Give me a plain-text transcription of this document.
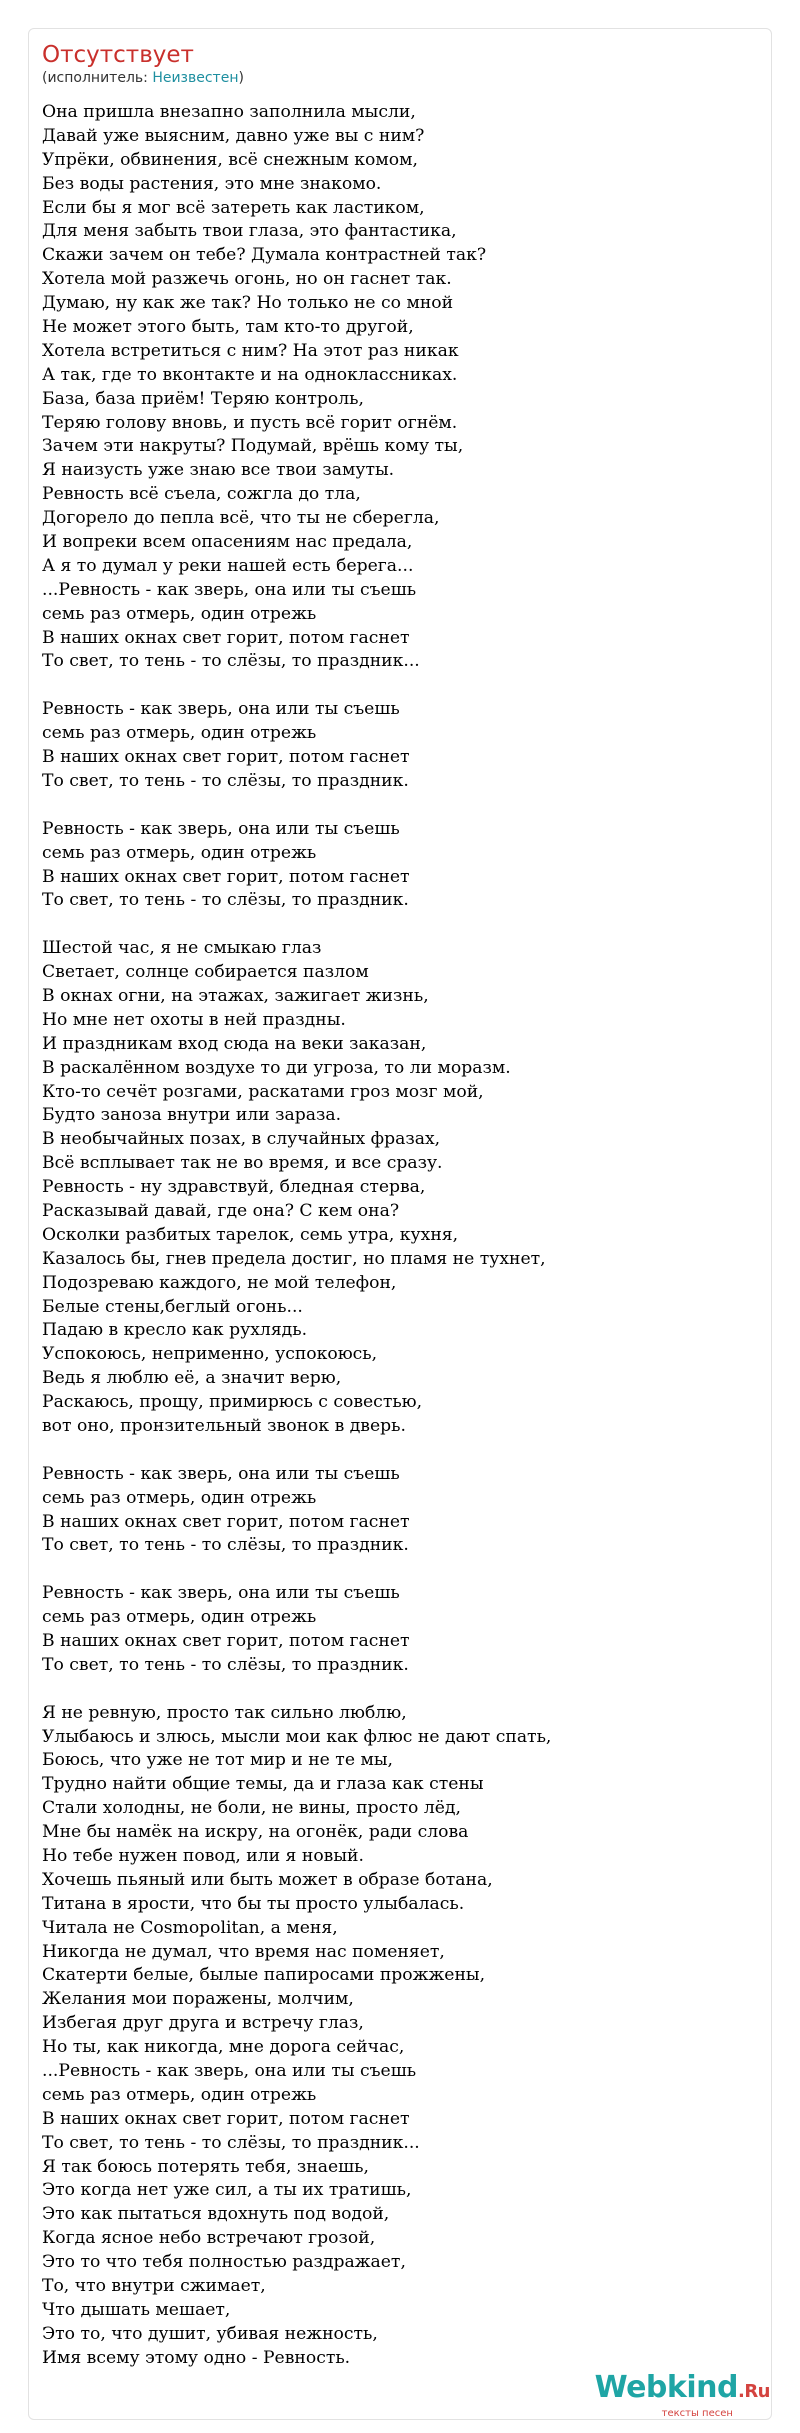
Отсутствует
(исполнитель: Неизвестен)
Она пришла внезапно заполнила мысли,
Давай уже выясним, давно уже вы с ним?
Упрёки, обвинения, всё снежным комом,
Без воды растения, это мне знакомо.
Если бы я мог всё затереть как ластиком,
Для меня забыть твои глаза, это фантастика,
Скажи зачем он тебе? Думала контрастней так?
Хотела мой разжечь огонь, но он гаснет так.
Думаю, ну как же так? Но только не со мной
Не может этого быть, там кто-то другой,
Хотела встретиться с ним? На этот раз никак
А так, где то вконтакте и на одноклассниках.
База, база приём! Теряю контроль,
Теряю голову вновь, и пусть всё горит огнём.
Зачем эти накруты? Подумай, врёшь кому ты,
Я наизусть уже знаю все твои замуты.
Ревность всё съела, сожгла до тла,
Догорело до пепла всё, что ты не сберегла,
И вопреки всем опасениям нас предала,
А я то думал у реки нашей есть берега...
...Ревность - как зверь, она или ты съешь
семь раз отмерь, один отрежь
В наших окнах свет горит, потом гаснет
То свет, то тень - то слёзы, то праздник...
Ревность - как зверь, она или ты съешь
семь раз отмерь, один отрежь
В наших окнах свет горит, потом гаснет
То свет, то тень - то слёзы, то праздник.
Ревность - как зверь, она или ты съешь
семь раз отмерь, один отрежь
В наших окнах свет горит, потом гаснет
То свет, то тень - то слёзы, то праздник.
Шестой час, я не смыкаю глаз
Светает, солнце собирается пазлом
В окнах огни, на этажах, зажигает жизнь,
Но мне нет охоты в ней праздны.
И праздникам вход сюда на веки заказан,
В раскалённом воздухе то ди угроза, то ли моразм.
Кто-то сечёт розгами, раскатами гроз мозг мой,
Будто заноза внутри или зараза.
В необычайных позах, в случайных фразах,
Всё всплывает так не во время, и все сразу.
Ревность - ну здравствуй, бледная стерва,
Расказывай давай, где она? С кем она?
Осколки разбитых тарелок, семь утра, кухня,
Казалось бы, гнев предела достиг, но пламя не тухнет,
Подозреваю каждого, не мой телефон,
Белые стены,беглый огонь...
Падаю в кресло как рухлядь.
Успокоюсь, неприменно, успокоюсь,
Ведь я люблю её, а значит верю,
Раскаюсь, прощу, примирюсь с совестью,
вот оно, пронзительный звонок в дверь.
Ревность - как зверь, она или ты съешь
семь раз отмерь, один отрежь
В наших окнах свет горит, потом гаснет
То свет, то тень - то слёзы, то праздник.
Ревность - как зверь, она или ты съешь
семь раз отмерь, один отрежь
В наших окнах свет горит, потом гаснет
То свет, то тень - то слёзы, то праздник.
Я не ревную, просто так сильно люблю,
Улыбаюсь и злюсь, мысли мои как флюс не дают спать,
Боюсь, что уже не тот мир и не те мы,
Трудно найти общие темы, да и глаза как стены
Стали холодны, не боли, не вины, просто лёд,
Мне бы намёк на искру, на огонёк, ради слова
Но тебе нужен повод, или я новый.
Хочешь пьяный или быть может в образе ботана,
Титана в ярости, что бы ты просто улыбалась.
Читала не Cosmopolitan, а меня,
Никогда не думал, что время нас поменяет,
Скатерти белые, былые папиросами прожжены,
Желания мои поражены, молчим,
Избегая друг друга и встречу глаз,
Но ты, как никогда, мне дорога сейчас,
...Ревность - как зверь, она или ты съешь
семь раз отмерь, один отрежь
В наших окнах свет горит, потом гаснет
То свет, то тень - то слёзы, то праздник...
Я так боюсь потерять тебя, знаешь,
Это когда нет уже сил, а ты их тратишь,
Это как пытаться вдохнуть под водой,
Когда ясное небо встречают грозой,
Это то что тебя полностью раздражает,
То, что внутри сжимает,
Что дышать мешает,
Это то, что душит, убивая нежность,
Имя всему этому одно - Ревность.
Webkind.Ru
тексты песен
